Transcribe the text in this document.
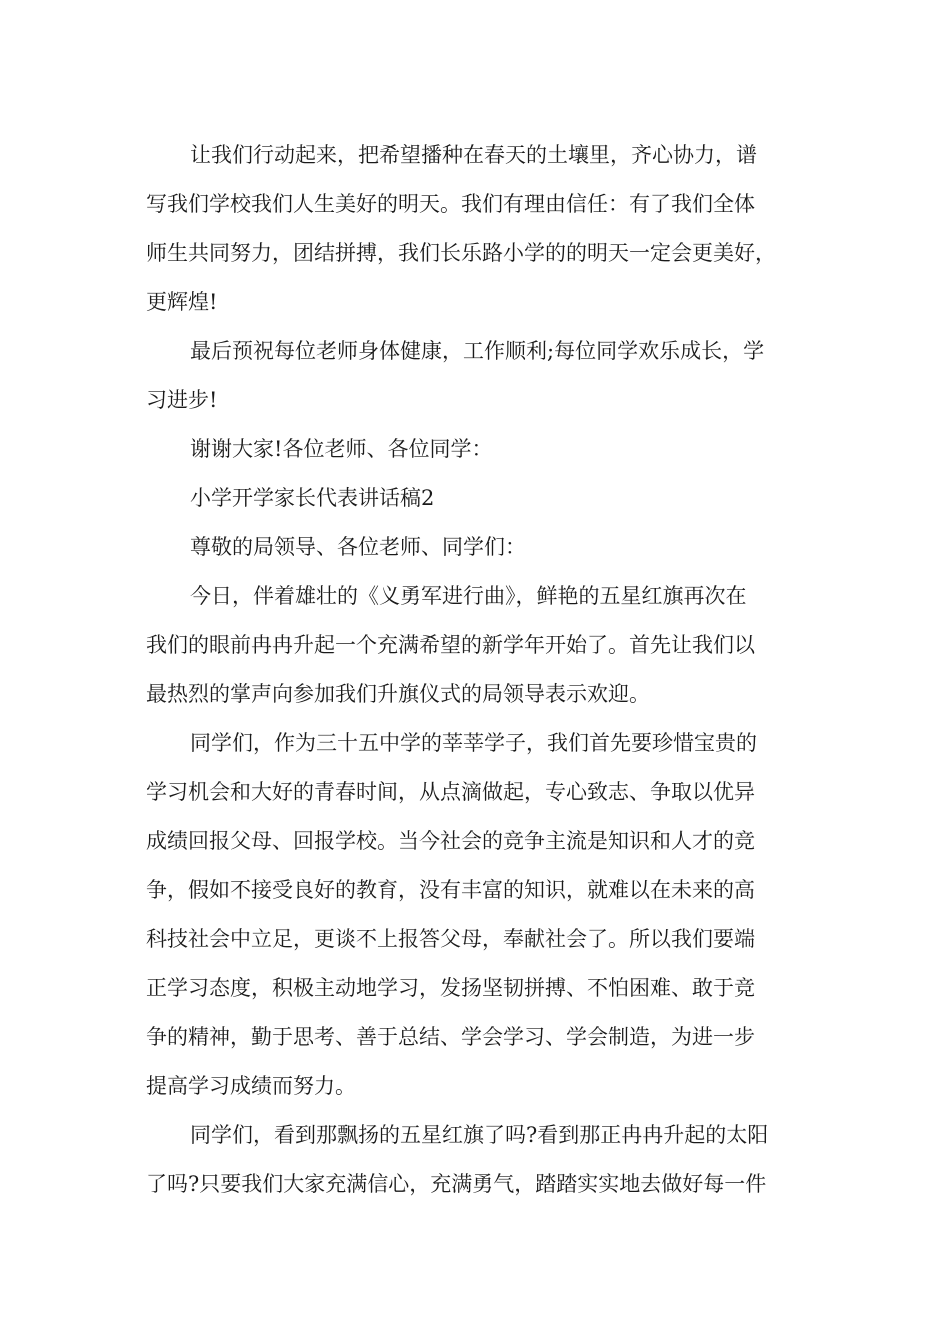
让我们行动起来，把希望播种在春天的土壤里，齐心协力，谱
写我们学校我们人生美好的明天。我们有理由信任：有了我们全体
师生共同努力，团结拼搏，我们长乐路小学的的明天一定会更美好，
更辉煌!

最后预祝每位老师身体健康，工作顺利;每位同学欢乐成长，学
习进步!

谢谢大家!各位老师、各位同学：

小学开学家长代表讲话稿2

尊敬的局领导、各位老师、同学们：

今日，伴着雄壮的《义勇军进行曲》，鲜艳的五星红旗再次在
我们的眼前冉冉升起一个充满希望的新学年开始了。首先让我们以
最热烈的掌声向参加我们升旗仪式的局领导表示欢迎。

同学们，作为三十五中学的莘莘学子，我们首先要珍惜宝贵的
学习机会和大好的青春时间，从点滴做起，专心致志、争取以优异
成绩回报父母、回报学校。当今社会的竞争主流是知识和人才的竞
争，假如不接受良好的教育，没有丰富的知识，就难以在未来的高
科技社会中立足，更谈不上报答父母，奉献社会了。所以我们要端
正学习态度，积极主动地学习，发扬坚韧拼搏、不怕困难、敢于竞
争的精神，勤于思考、善于总结、学会学习、学会制造，为进一步
提高学习成绩而努力。

同学们，看到那飘扬的五星红旗了吗?看到那正冉冉升起的太阳
了吗?只要我们大家充满信心，充满勇气，踏踏实实地去做好每一件
